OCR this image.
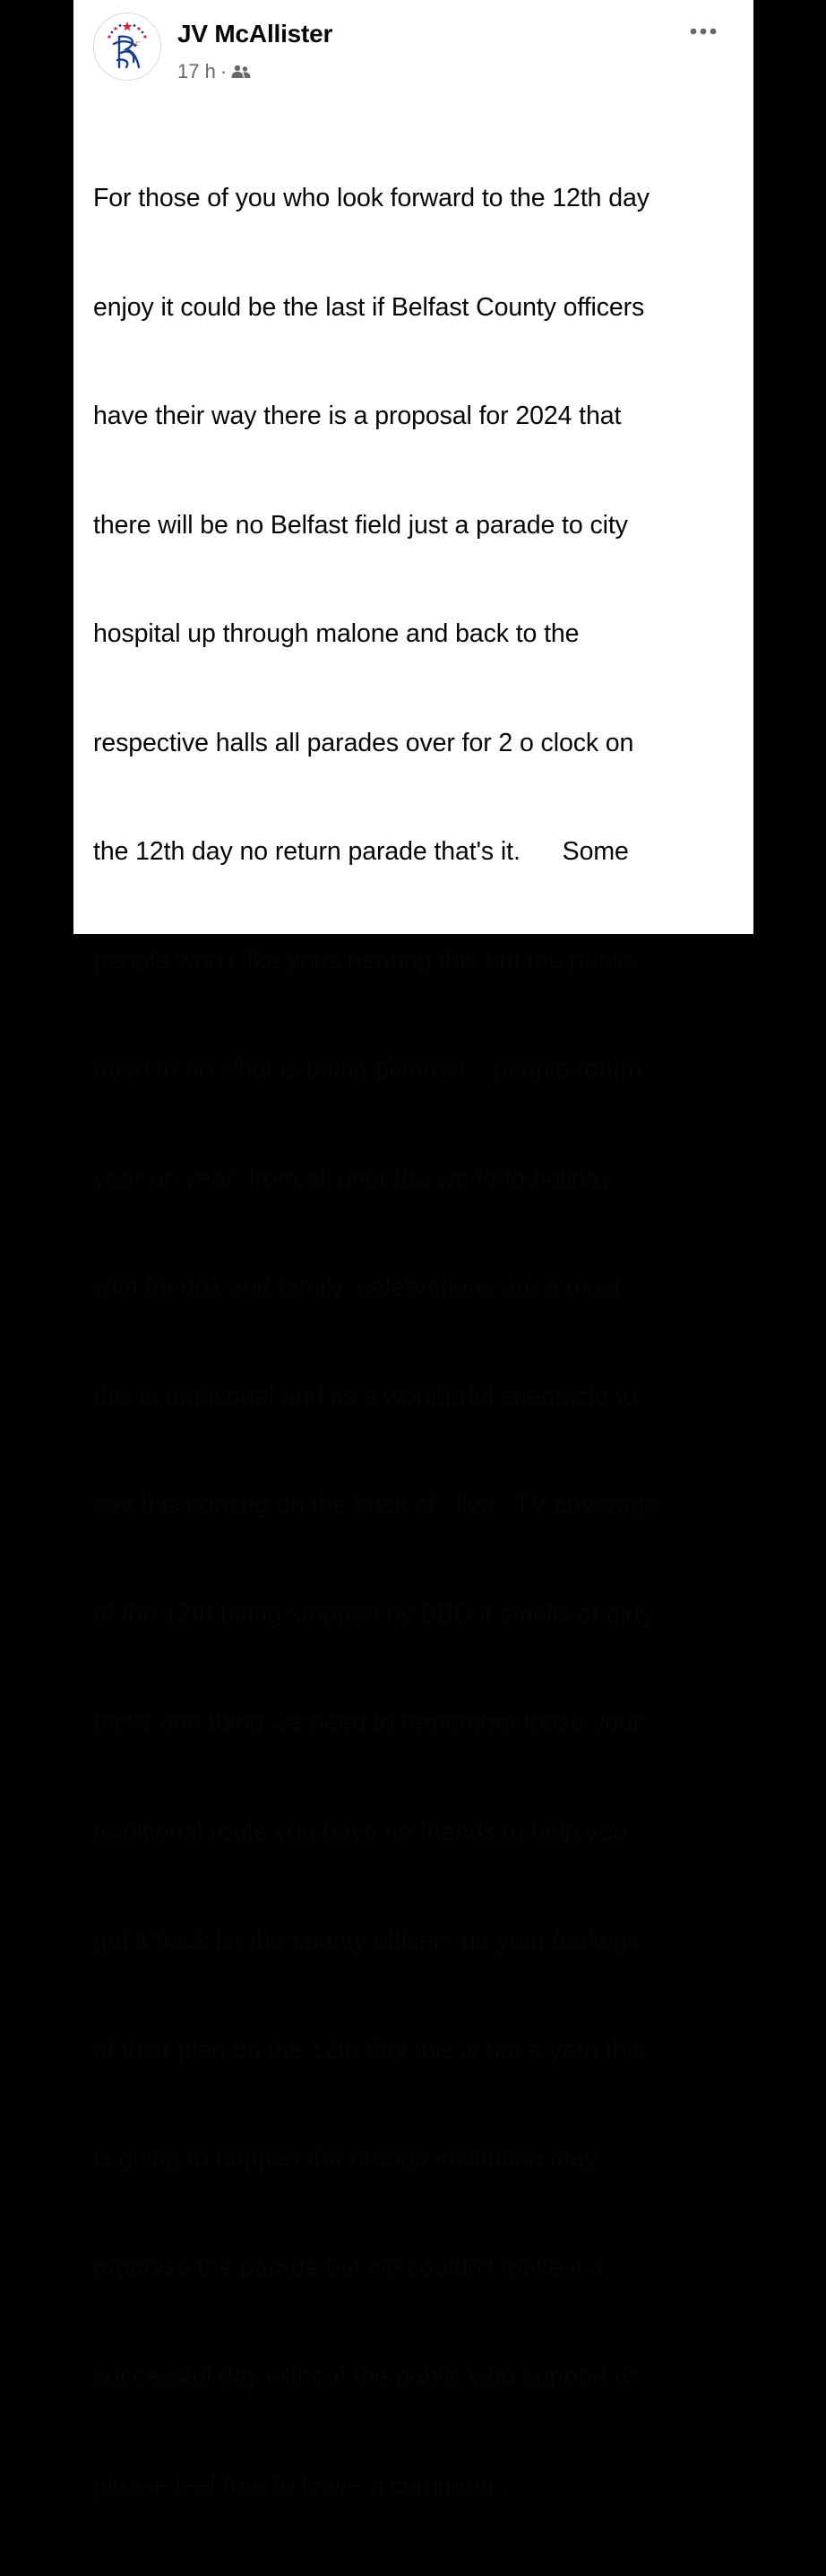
c JV McAllister
17 h ·

For those of you who look forward to the 12th day

enjoy it could be the last if Belfast County officers

have their way there is a proposal for 2024 that

there will be no Belfast field just a parade to city

hospital up through malone and back to the

respective halls all parades over for 2 o clock on

the 12th day no return parade that's it.      Some

people won't like yous hearing this but the public

need to no what is being planned.   people return

year on year  from all over the world to holiday

with friends and family  celebrations are a must

this is traditional and its a wonderful spectacle to

see this coming on the back of   live   TV coverage

of the 12th being stopped by BBC it smells of dirty

tricks one thing we need to remember loose your

traditional route you have no friends to help you

get it back let the county officers no your feelings

of their plan on the 12th day this is not a yarn this

is going to happen the orange institution may

organise the parade but we couldn't make it a

successful day without the public who support us

please feel free to leave a comment .
